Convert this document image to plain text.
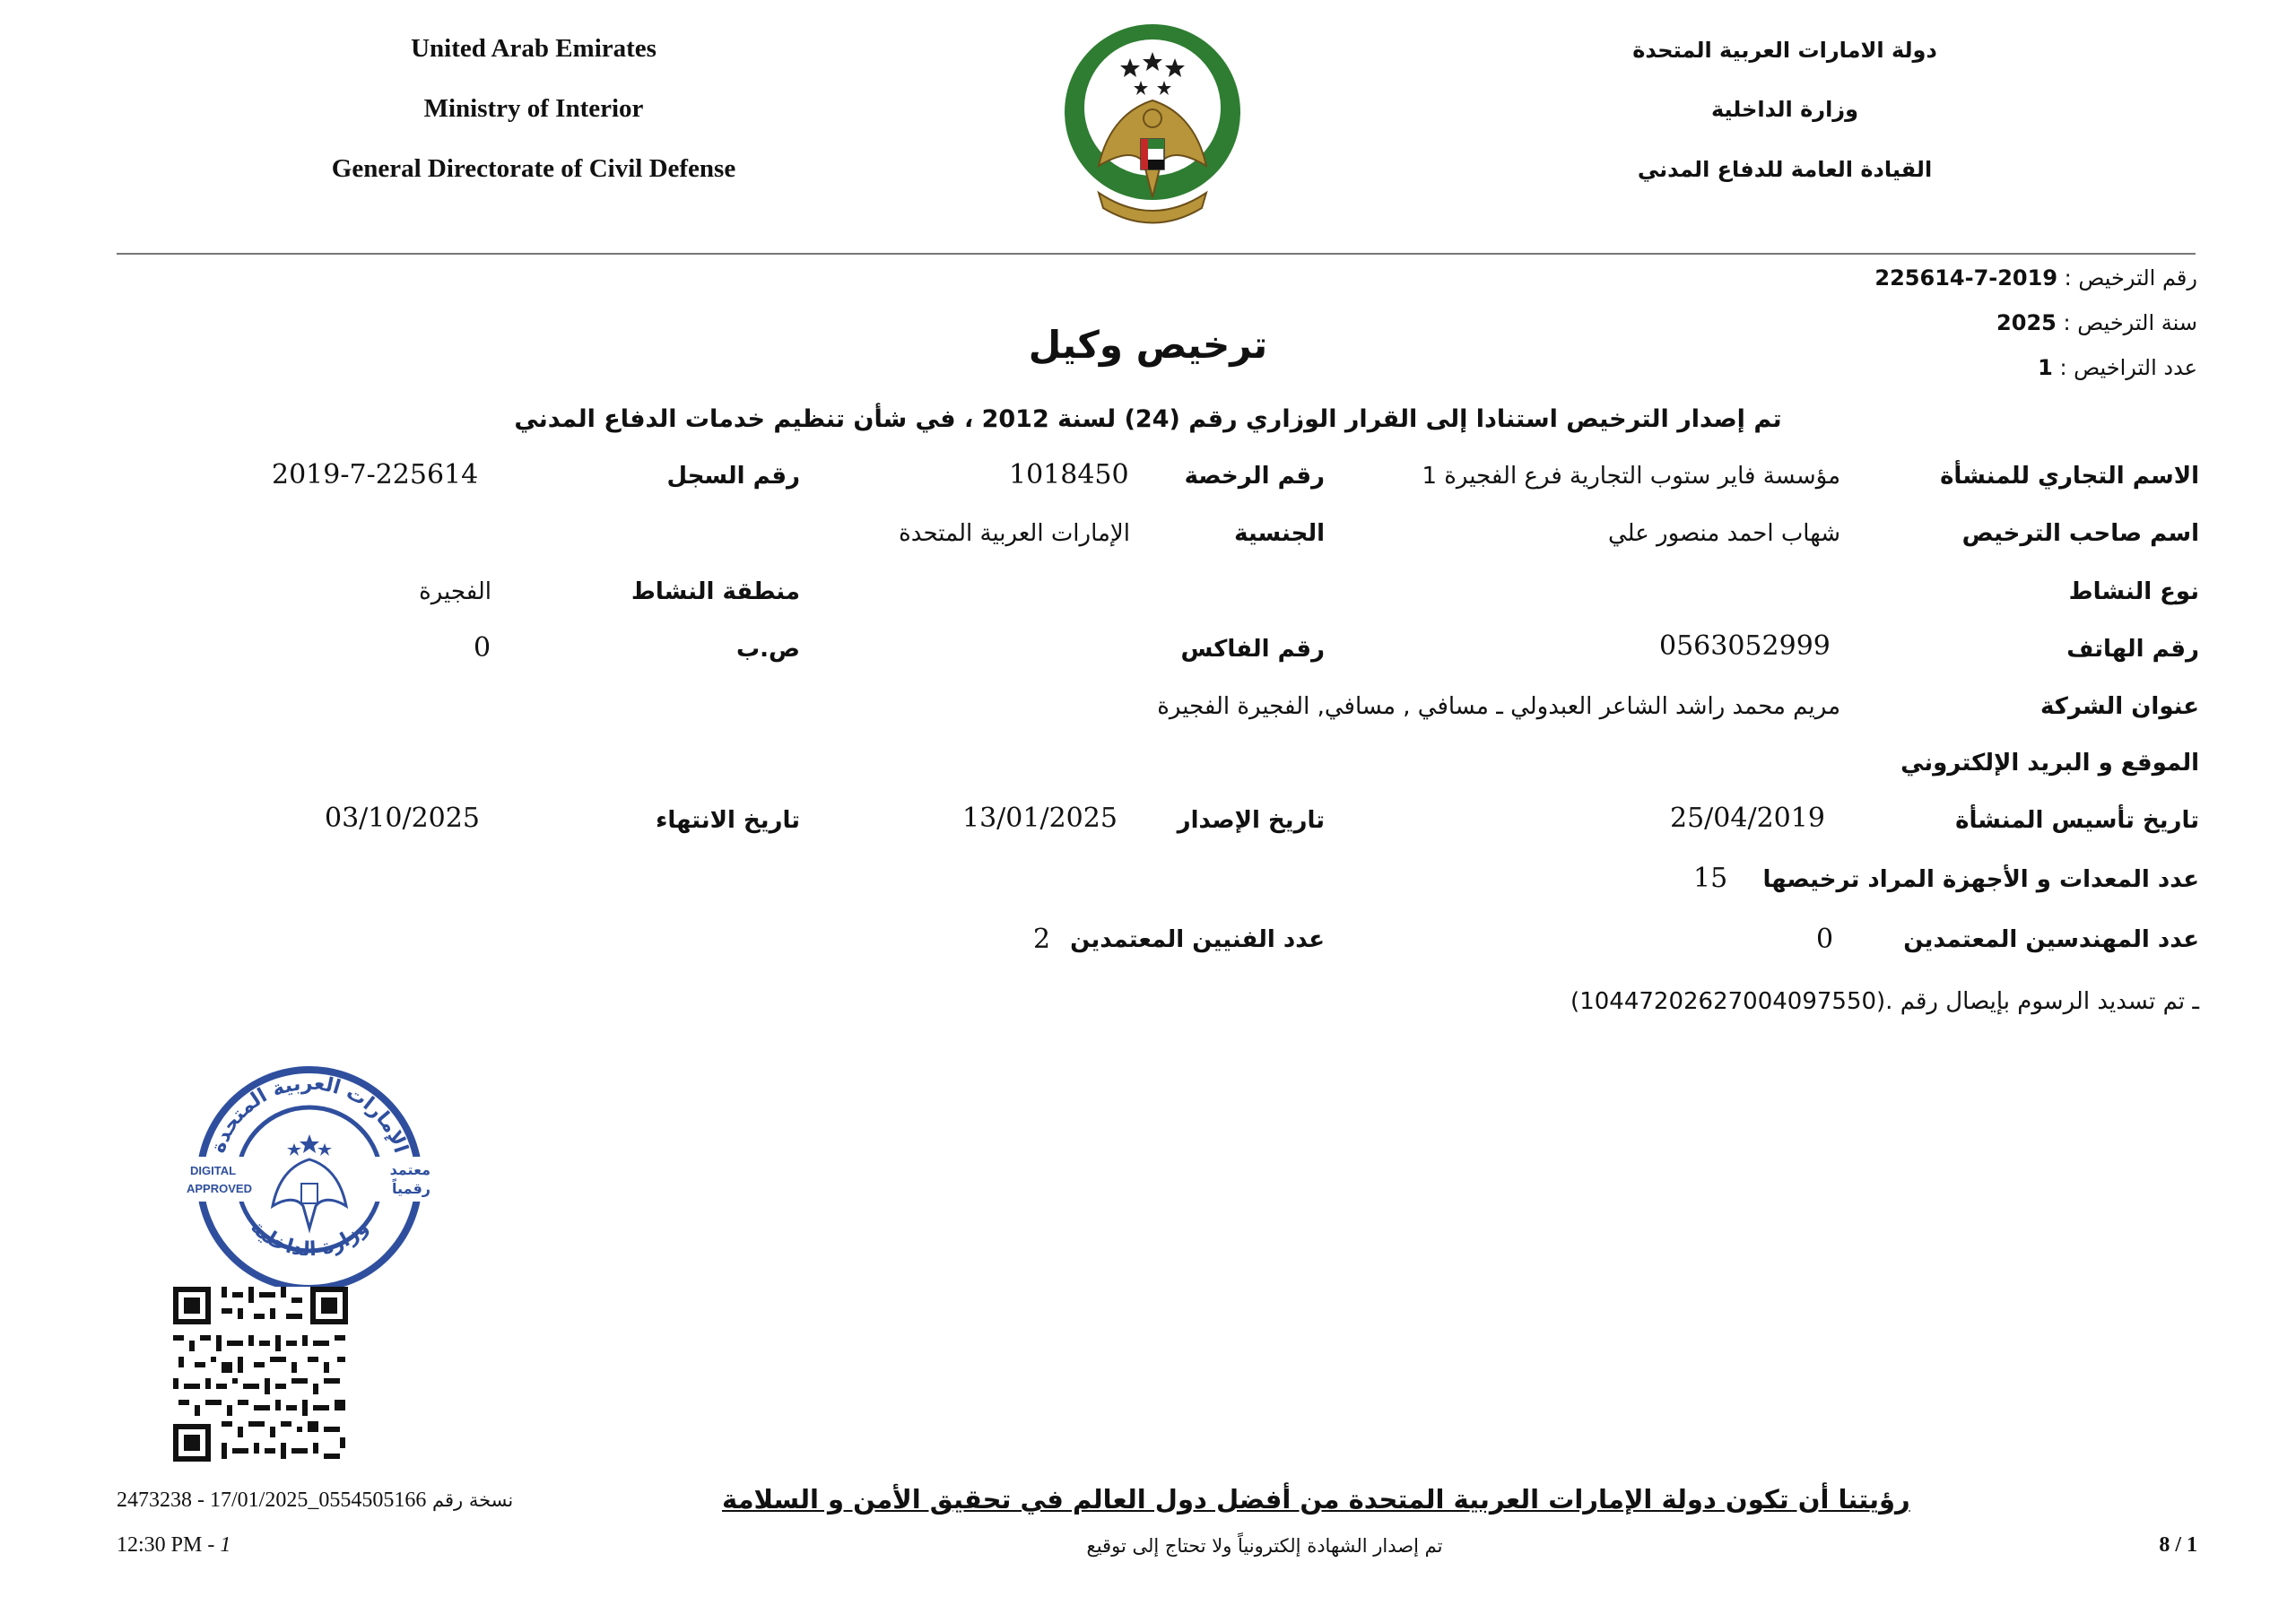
United Arab Emirates
Ministry of Interior
General Directorate of Civil Defense
دولة الامارات العربية المتحدة
وزارة الداخلية
القيادة العامة للدفاع المدني
رقم الترخيص : 2019-7-225614
سنة الترخيص : 2025
عدد التراخيص : 1
ترخيص وكيل
تم إصدار الترخيص استنادا إلى القرار الوزاري رقم (24) لسنة 2012 ، في شأن تنظيم خدمات الدفاع المدني
الاسم التجاري للمنشأة
مؤسسة فاير ستوب التجارية فرع الفجيرة 1
رقم الرخصة
1018450
رقم السجل
2019-7-225614
اسم صاحب الترخيص
شهاب احمد منصور علي
الجنسية
الإمارات العربية المتحدة
نوع النشاط
منطقة النشاط
الفجيرة
رقم الهاتف
0563052999
رقم الفاكس
ص.ب
0
عنوان الشركة
مريم محمد راشد الشاعر العبدولي ـ مسافي , مسافي, الفجيرة الفجيرة
الموقع و البريد الإلكتروني
تاريخ تأسيس المنشأة
25/04/2019
تاريخ الإصدار
13/01/2025
تاريخ الانتهاء
03/10/2025
عدد المعدات و الأجهزة المراد ترخيصها
15
عدد المهندسين المعتمدين
0
عدد الفنيين المعتمدين
2
ـ تم تسديد الرسوم بإيصال رقم .(10447202627004097550)
الإمارات العربية المتحدة
وزارة الداخلية
DIGITAL
APPROVED
معتمد
رقمياً
رؤيتنا أن تكون دولة الإمارات العربية المتحدة من أفضل دول العالم في تحقيق الأمن و السلامة
2473238 - 17/01/2025_0554505166 نسخة رقم
12:30 PM - 1	تم إصدار الشهادة إلكترونياً ولا تحتاج إلى توقيع	8 / 1
